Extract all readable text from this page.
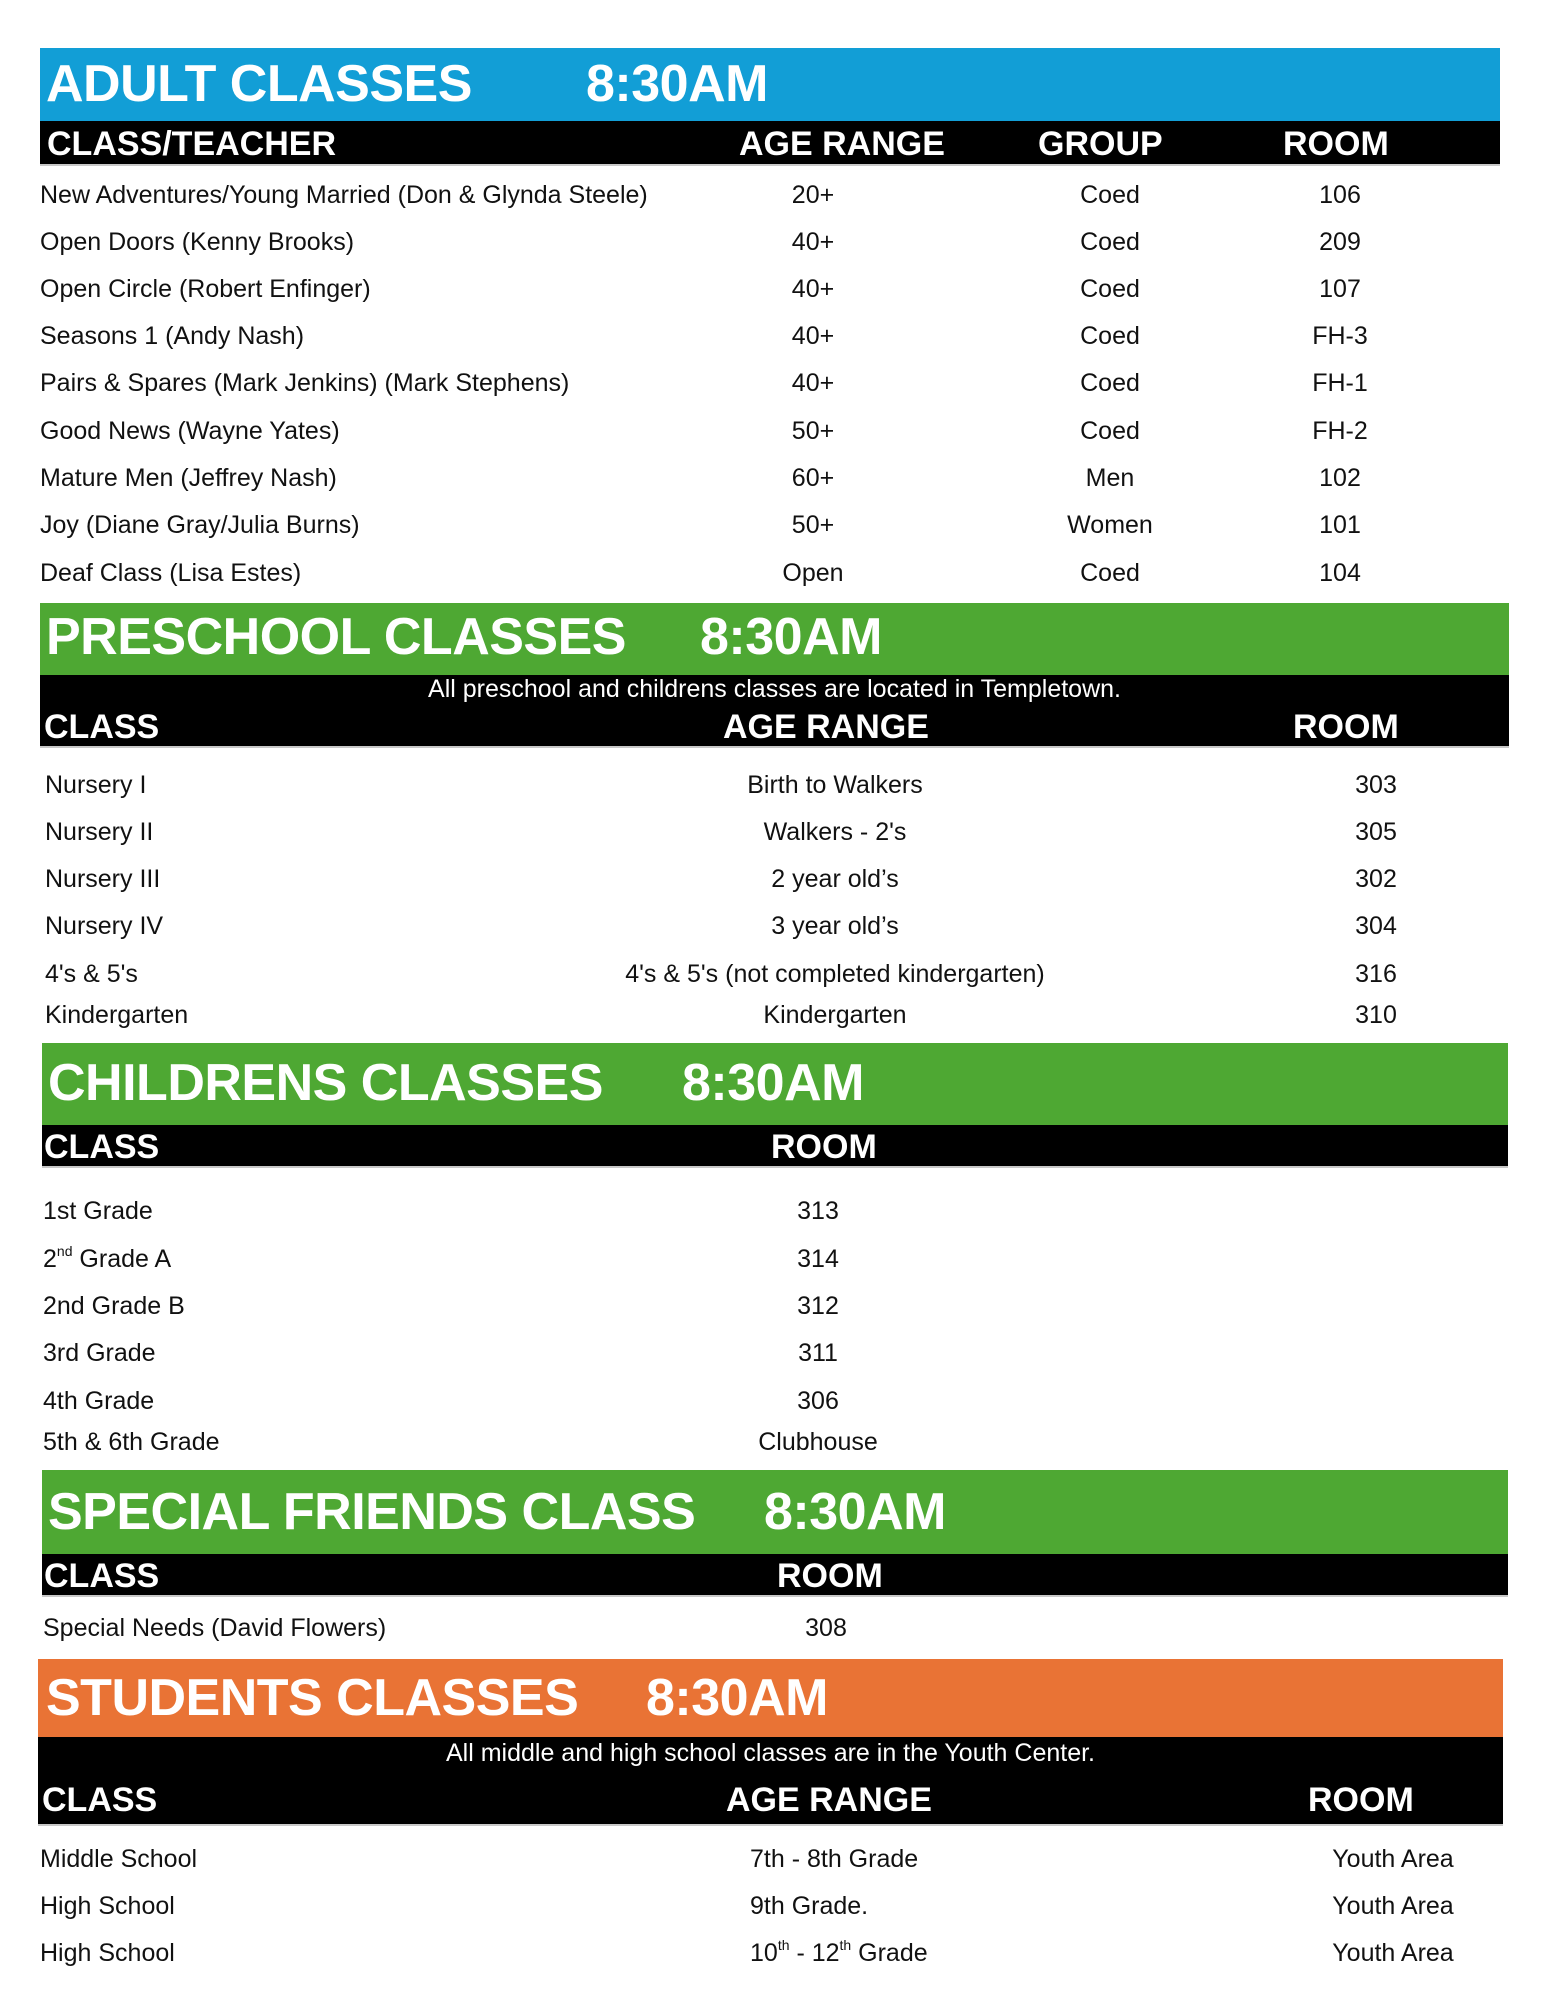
ADULT CLASSES

8:30AM

CLASS/TEACHER	AGE RANGE	GROUP	ROOM
New Adventures/Young Married (Don & Glynda Steele)	20+	Coed	106
Open Doors (Kenny Brooks)	40+	Coed	209
Open Circle (Robert Enfinger)	40+	Coed	107
Seasons 1 (Andy Nash)	40+	Coed	FH-3
Pairs & Spares (Mark Jenkins) (Mark Stephens)	40+	Coed	FH-1
Good News (Wayne Yates)	50+	Coed	FH-2
Mature Men (Jeffrey Nash)	60+	Men	102
Joy (Diane Gray/Julia Burns)	50+	Women	101
Deaf Class (Lisa Estes)	Open	Coed	104

PRESCHOOL CLASSES

8:30AM

All preschool and childrens classes are located in Templetown.
CLASS	AGE RANGE	ROOM
Nursery I	Birth to Walkers	303
Nursery II	Walkers - 2's	305
Nursery III	2 year old’s	302
Nursery IV	3 year old’s	304
4's & 5's	4's & 5's (not completed kindergarten)	316
Kindergarten	Kindergarten	310

CHILDRENS CLASSES

8:30AM

CLASS	ROOM
1st Grade	313
2nd Grade A	314
2nd Grade B	312
3rd Grade	311
4th Grade	306
5th & 6th Grade	Clubhouse

SPECIAL FRIENDS CLASS

8:30AM

CLASS	ROOM
Special Needs (David Flowers)	308

STUDENTS CLASSES

8:30AM

All middle and high school classes are in the Youth Center.
CLASS	AGE RANGE	ROOM
Middle School	7th - 8th Grade	Youth Area
High School	9th Grade.	Youth Area
High School	10th - 12th Grade	Youth Area
